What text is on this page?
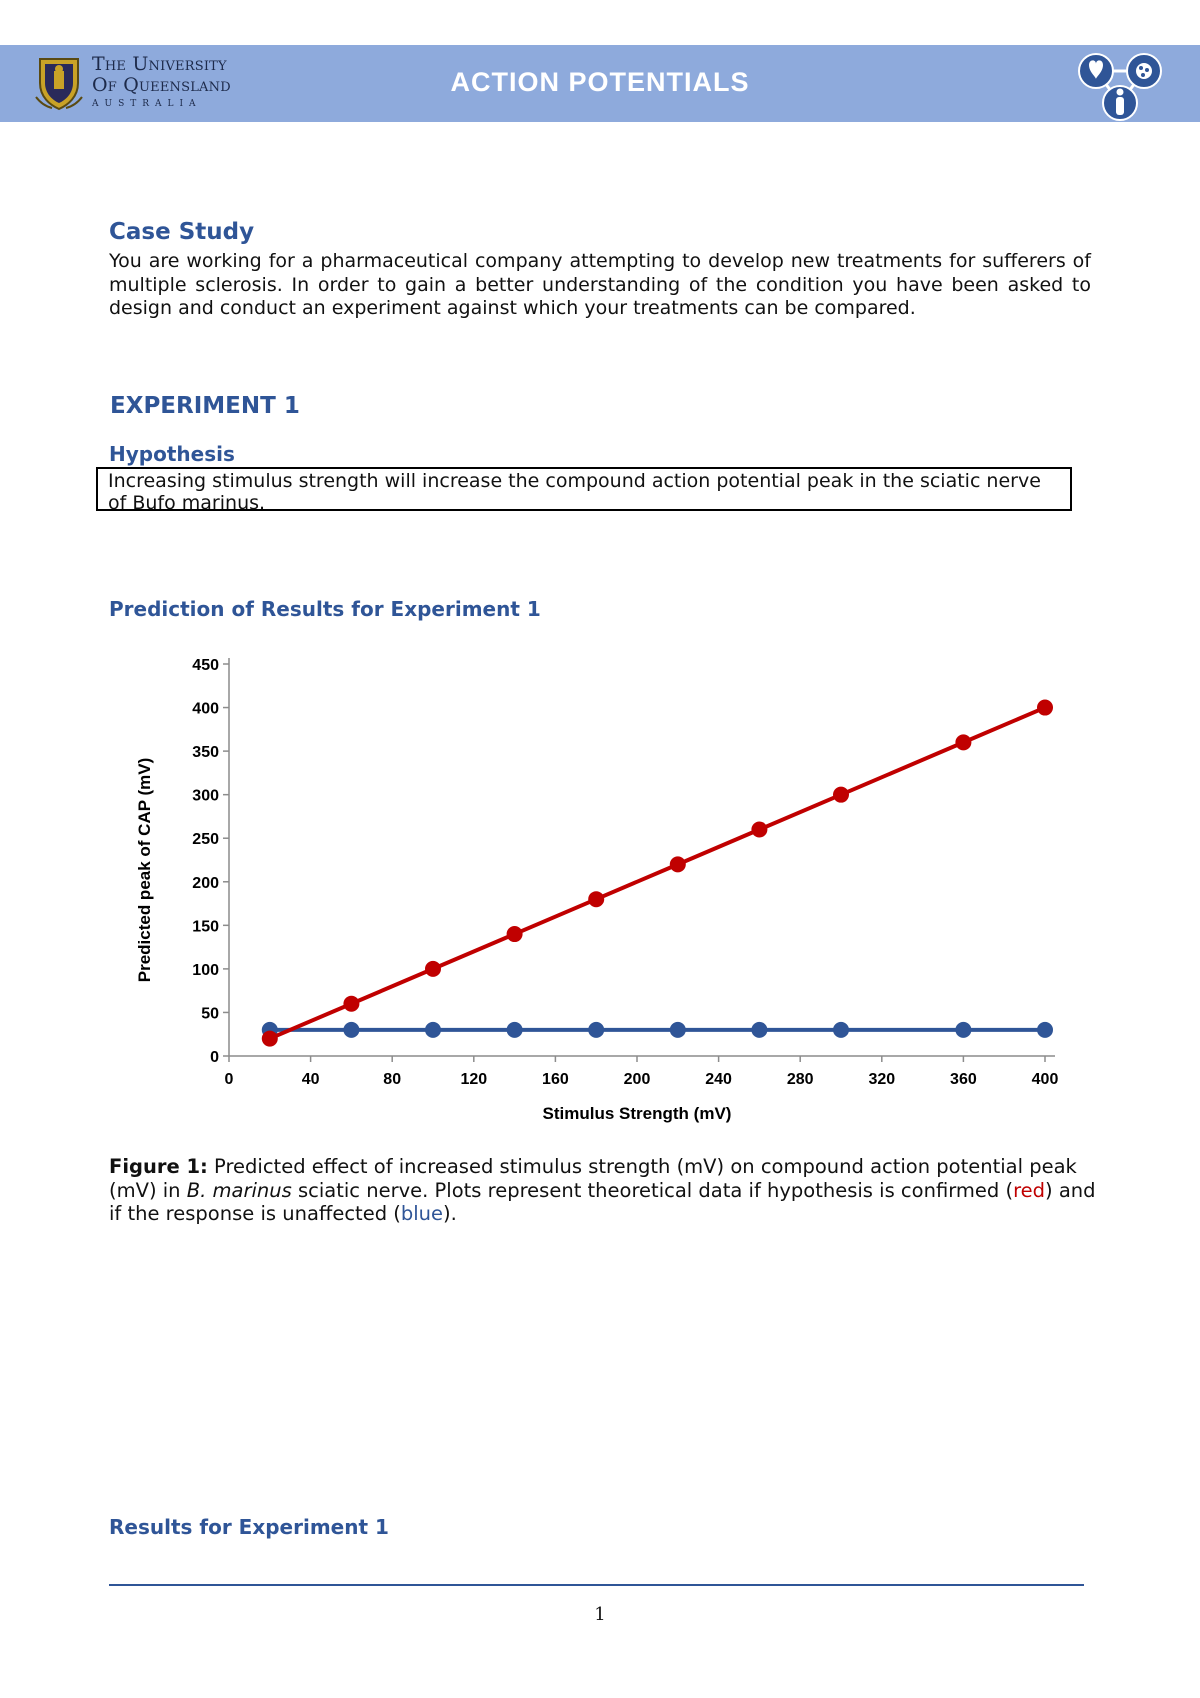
The University
Of Queensland
AUSTRALIA
ACTION POTENTIALS
Case Study

You are working for a pharmaceutical company attempting to develop new treatments for sufferers of multiple sclerosis. In order to gain a better understanding of the condition you have been asked to design and conduct an experiment against which your treatments can be compared.

EXPERIMENT 1
Hypothesis
Increasing stimulus strength will increase the compound action potential peak in the sciatic nerve of Bufo marinus.
Prediction of Results for Experiment 1
0
50
100
150
200
250
300
350
400
450
0	40	80	120	160	200	240	280	320	360	400
Stimulus Strength (mV)
Predicted peak of CAP (mV)
Figure 1: Predicted effect of increased stimulus strength (mV) on compound action potential peak (mV) in B. marinus sciatic nerve. Plots represent theoretical data if hypothesis is confirmed (red) and if the response is unaffected (blue).
Results for Experiment 1
1
